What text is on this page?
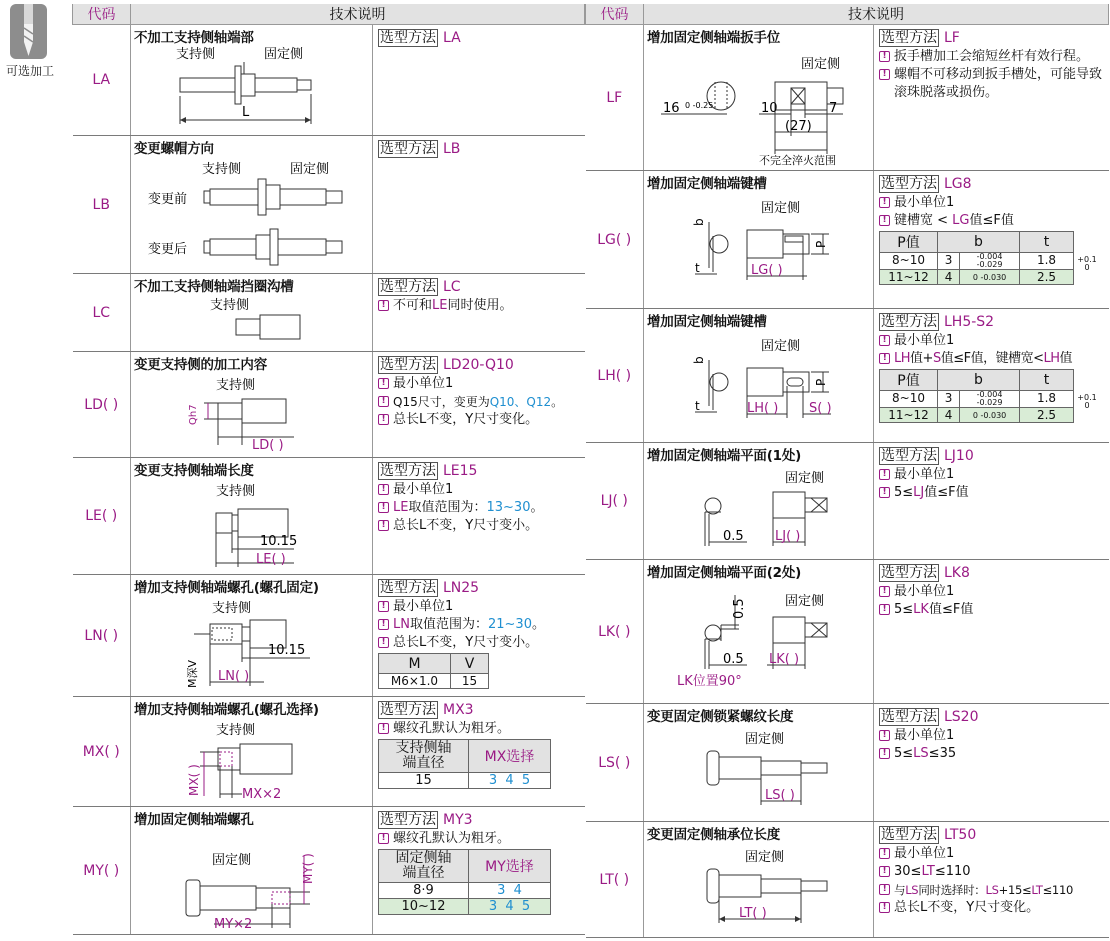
可选加工
代码	技术说明
LA	
不加工支持侧轴端部
支持侧	固定侧
L

选型方法 LA

LB	
变更螺帽方向
支持侧	固定侧
变更前
变更后

选型方法 LB

LC	
不加工支持侧轴端挡圈沟槽
支持侧

选型方法 LC
! 不可和LE同时使用。

LD( )	
变更支持侧的加工内容
支持侧
Qh7
LD( )

选型方法 LD20-Q10
! 最小单位1
! Q15尺寸，变更为Q10、Q12。
! 总长L不变，Y尺寸变化。

LE( )	
变更支持侧轴端长度
支持侧
10.15
LE( )

选型方法 LE15
! 最小单位1
! LE取值范围为：13~30。
! 总长L不变，Y尺寸变小。

LN( )	
增加支持侧轴端螺孔(螺孔固定)
支持侧
10.15
LN( )
M深V

选型方法 LN25
! 最小单位1
! LN取值范围为：21~30。
! 总长L不变，Y尺寸变小。
M	V
M6×1.0	15

MX( )	
增加支持侧轴端螺孔(螺孔选择)
支持侧
MX( )	MX×2

选型方法 MX3
! 螺纹孔默认为粗牙。
支持侧轴端直径	MX选择
15	3  4  5

MY( )	
增加固定侧轴端螺孔
固定侧	MY( )
MY×2

选型方法 MY3
! 螺纹孔默认为粗牙。
固定侧轴端直径	MY选择
8·9	3  4
10~12	3  4  5
代码	技术说明
LF	
增加固定侧轴端扳手位
固定侧
16 0 -0.25	10	7
(27)
不完全淬火范围

选型方法 LF
! 扳手槽加工会缩短丝杆有效行程。
! 螺帽不可移动到扳手槽处，可能导致滚珠脱落或损伤。

LG( )	
增加固定侧轴端键槽
固定侧
b
t
P
LG( )

选型方法 LG8
! 最小单位1
! 键槽宽 < LG值≤F值
P值	b	t
8~10	3	-0.004 -0.029	1.8
11~12	4	0 -0.030	2.5
+0.1 0

LH( )	
增加固定侧轴端键槽
固定侧
b
t
P
LH( ) S( )

选型方法 LH5-S2
! 最小单位1
! LH值+S值≤F值，键槽宽<LH值
P值	b	t
8~10	3	-0.004 -0.029	1.8
11~12	4	0 -0.030	2.5
+0.1 0

LJ( )	
增加固定侧轴端平面(1处)
固定侧
0.5 LJ( )

选型方法 LJ10
! 最小单位1
! 5≤LJ值≤F值

LK( )	
增加固定侧轴端平面(2处)
固定侧
0.5
0.5
LK位置90°
LK( )

选型方法 LK8
! 最小单位1
! 5≤LK值≤F值

LS( )	
变更固定侧锁紧螺纹长度
固定侧
LS( )

选型方法 LS20
! 最小单位1
! 5≤LS≤35

LT( )	
变更固定侧轴承位长度
固定侧
LT( )

选型方法 LT50
! 最小单位1
! 30≤LT≤110
! 与LS同时选择时：LS+15≤LT≤110
! 总长L不变，Y尺寸变化。
